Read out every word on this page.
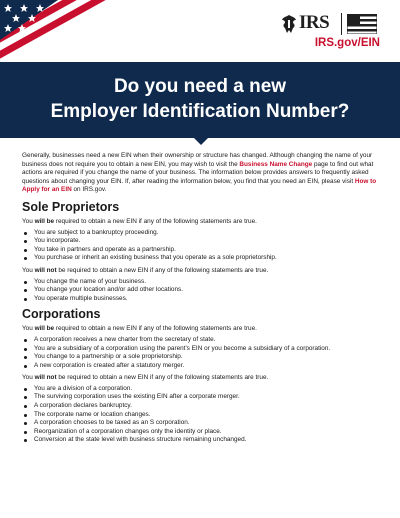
IRS

IRS.gov/EIN

Do you need a new
Employer Identification Number?

Generally, businesses need a new EIN when their ownership or structure has changed. Although changing the name of your business does not require you to obtain a new EIN, you may wish to visit the Business Name Change page to find out what actions are required if you change the name of your business. The information below provides answers to frequently asked questions about changing your EIN. If, after reading the information below, you find that you need an EIN, please visit How to Apply for an EIN on IRS.gov.

Sole Proprietors

You will be required to obtain a new EIN if any of the following statements are true.

You are subject to a bankruptcy proceeding.
You incorporate.
You take in partners and operate as a partnership.
You purchase or inherit an existing business that you operate as a sole proprietorship.

You will not be required to obtain a new EIN if any of the following statements are true.

You change the name of your business.
You change your location and/or add other locations.
You operate multiple businesses.
Corporations

You will be required to obtain a new EIN if any of the following statements are true.

A corporation receives a new charter from the secretary of state.
You are a subsidiary of a corporation using the parent's EIN or you become a subsidiary of a corporation.
You change to a partnership or a sole proprietorship.
A new corporation is created after a statutory merger.

You will not be required to obtain a new EIN if any of the following statements are true.

You are a division of a corporation.
The surviving corporation uses the existing EIN after a corporate merger.
A corporation declares bankruptcy.
The corporate name or location changes.
A corporation chooses to be taxed as an S corporation.
Reorganization of a corporation changes only the identity or place.
Conversion at the state level with business structure remaining unchanged.
